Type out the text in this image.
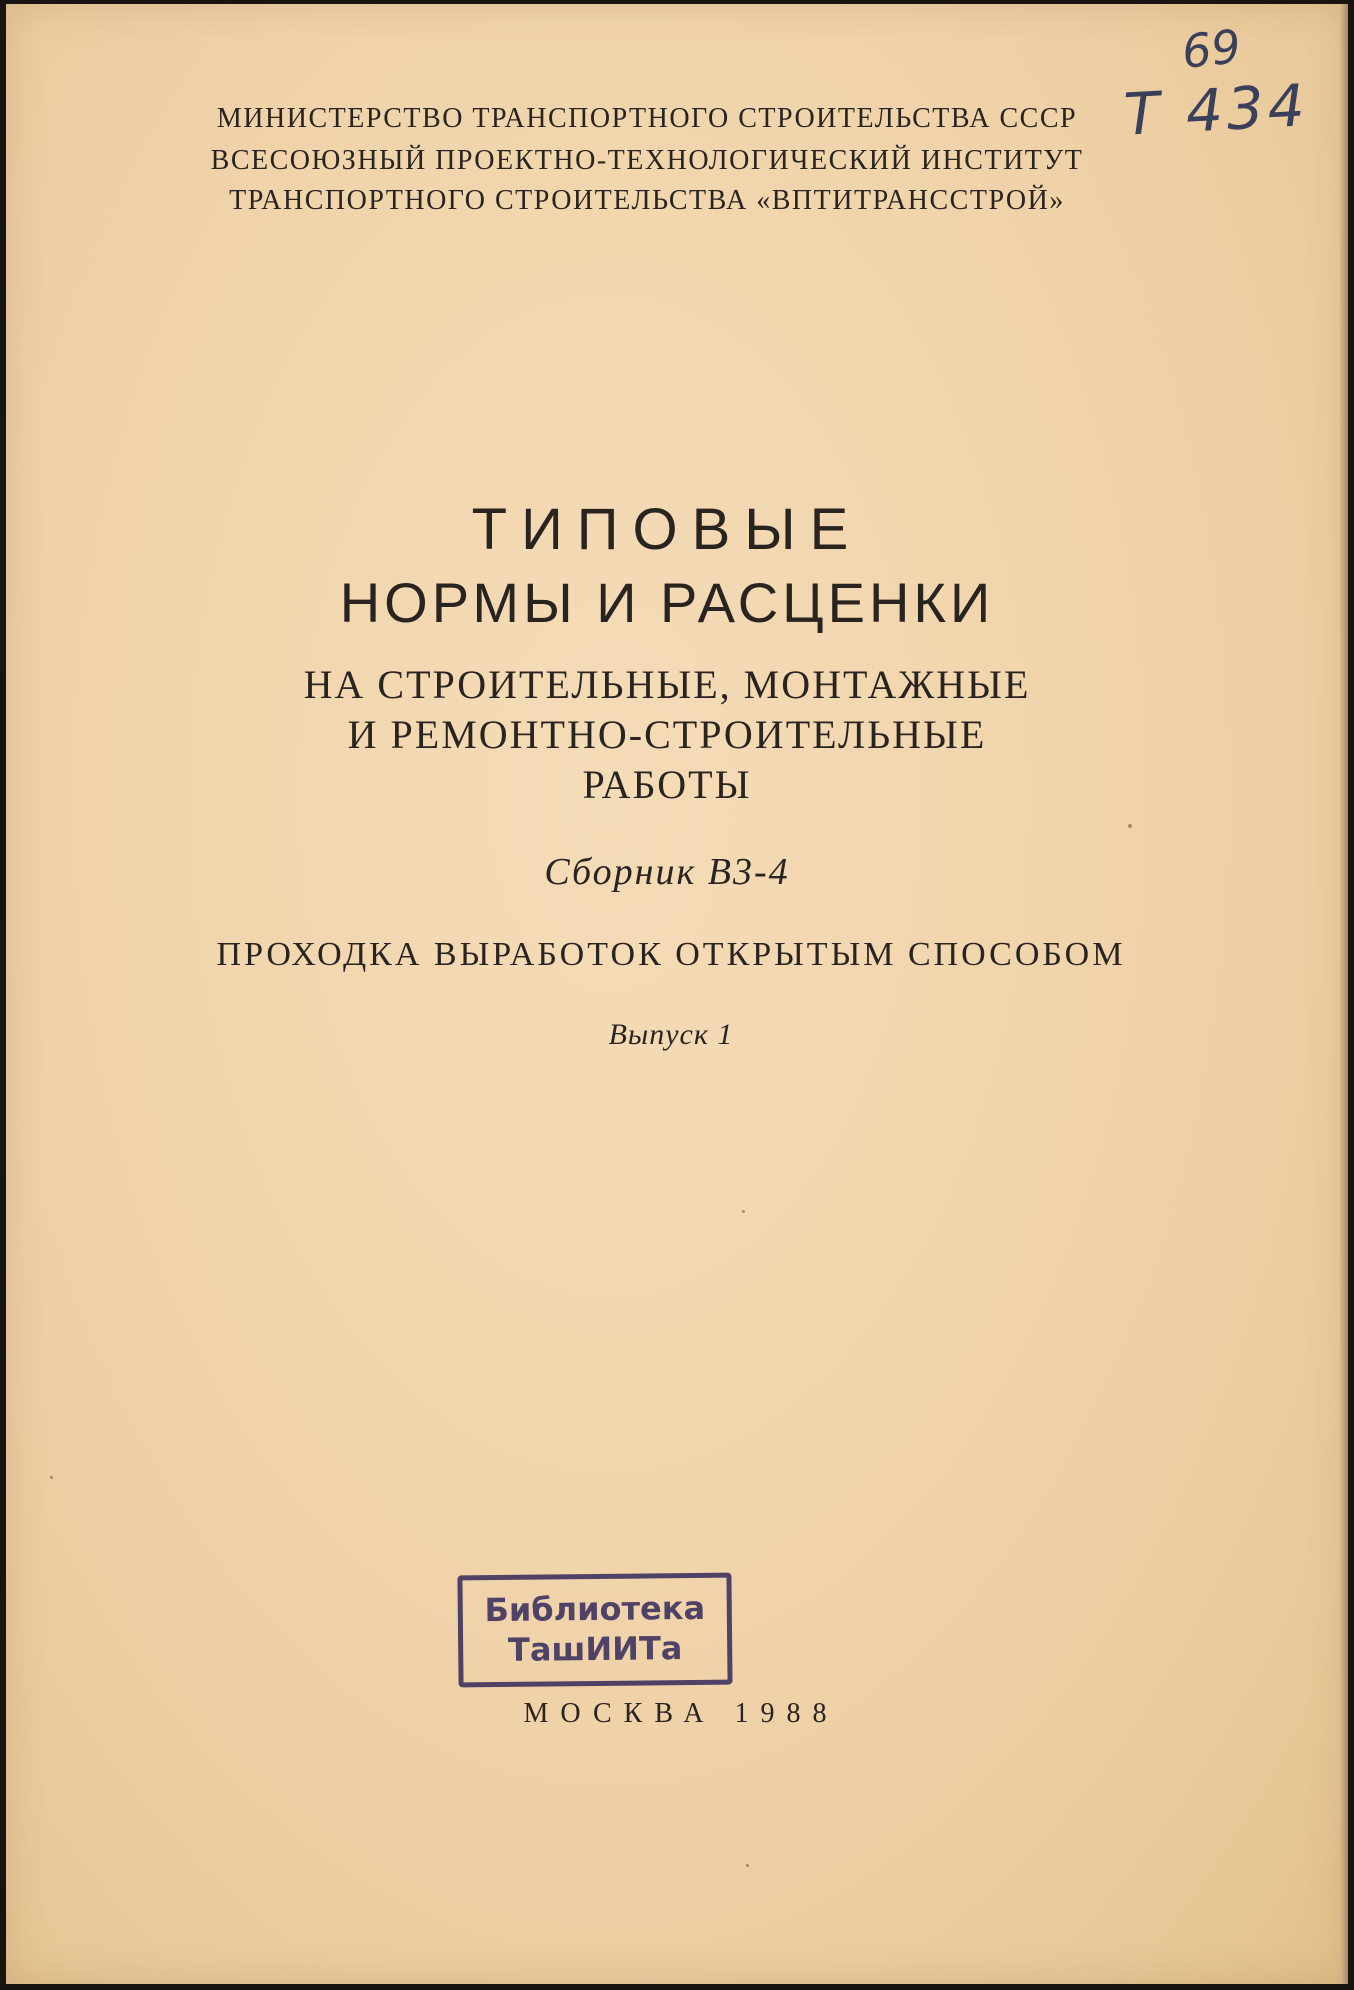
69
Т 434
МИНИСТЕРСТВО ТРАНСПОРТНОГО СТРОИТЕЛЬСТВА СССР
ВСЕСОЮЗНЫЙ ПРОЕКТНО-ТЕХНОЛОГИЧЕСКИЙ ИНСТИТУТ
ТРАНСПОРТНОГО СТРОИТЕЛЬСТВА «ВПТИТРАНССТРОЙ»
ТИПОВЫЕ
НОРМЫ И РАСЦЕНКИ
НА СТРОИТЕЛЬНЫЕ, МОНТАЖНЫЕ
И РЕМОНТНО-СТРОИТЕЛЬНЫЕ
РАБОТЫ
Сборник В3-4
ПРОХОДКА ВЫРАБОТОК ОТКРЫТЫМ СПОСОБОМ
Выпуск 1
Библиотека
ТашИИТа
МОСКВА 1988
